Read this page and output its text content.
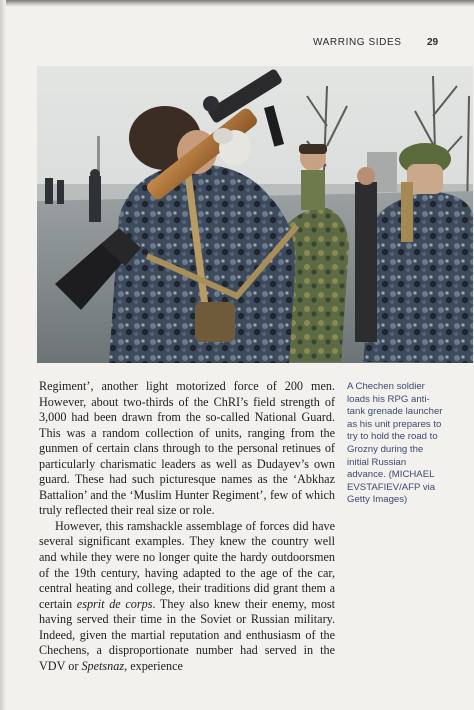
WARRING SIDES	29

Regiment’, another light motorized force of 200 men. However, about two-thirds of the ChRI’s field strength of 3,000 had been drawn from the so-called National Guard. This was a random collection of units, ranging from the gunmen of certain clans through to the personal retinues of particularly charismatic leaders as well as Dudayev’s own guard. These had such picturesque names as the ‘Abkhaz Battalion’ and the ‘Muslim Hunter Regiment’, few of which truly reflected their real size or role.

However, this ramshackle assemblage of forces did have several significant examples. They knew the country well and while they were no longer quite the hardy outdoorsmen of the 19th century, having adapted to the age of the car, central heating and college, their traditions did grant them a certain esprit de corps. They also knew their enemy, most having served their time in the Soviet or Russian military. Indeed, given the martial reputation and enthusiasm of the Chechens, a disproportionate number had served in the VDV or Spetsnaz, experience

A Chechen soldier loads his RPG anti-tank grenade launcher as his unit prepares to try to hold the road to Grozny during the initial Russian advance. (MICHAEL EVSTAFIEV/AFP via Getty Images)
